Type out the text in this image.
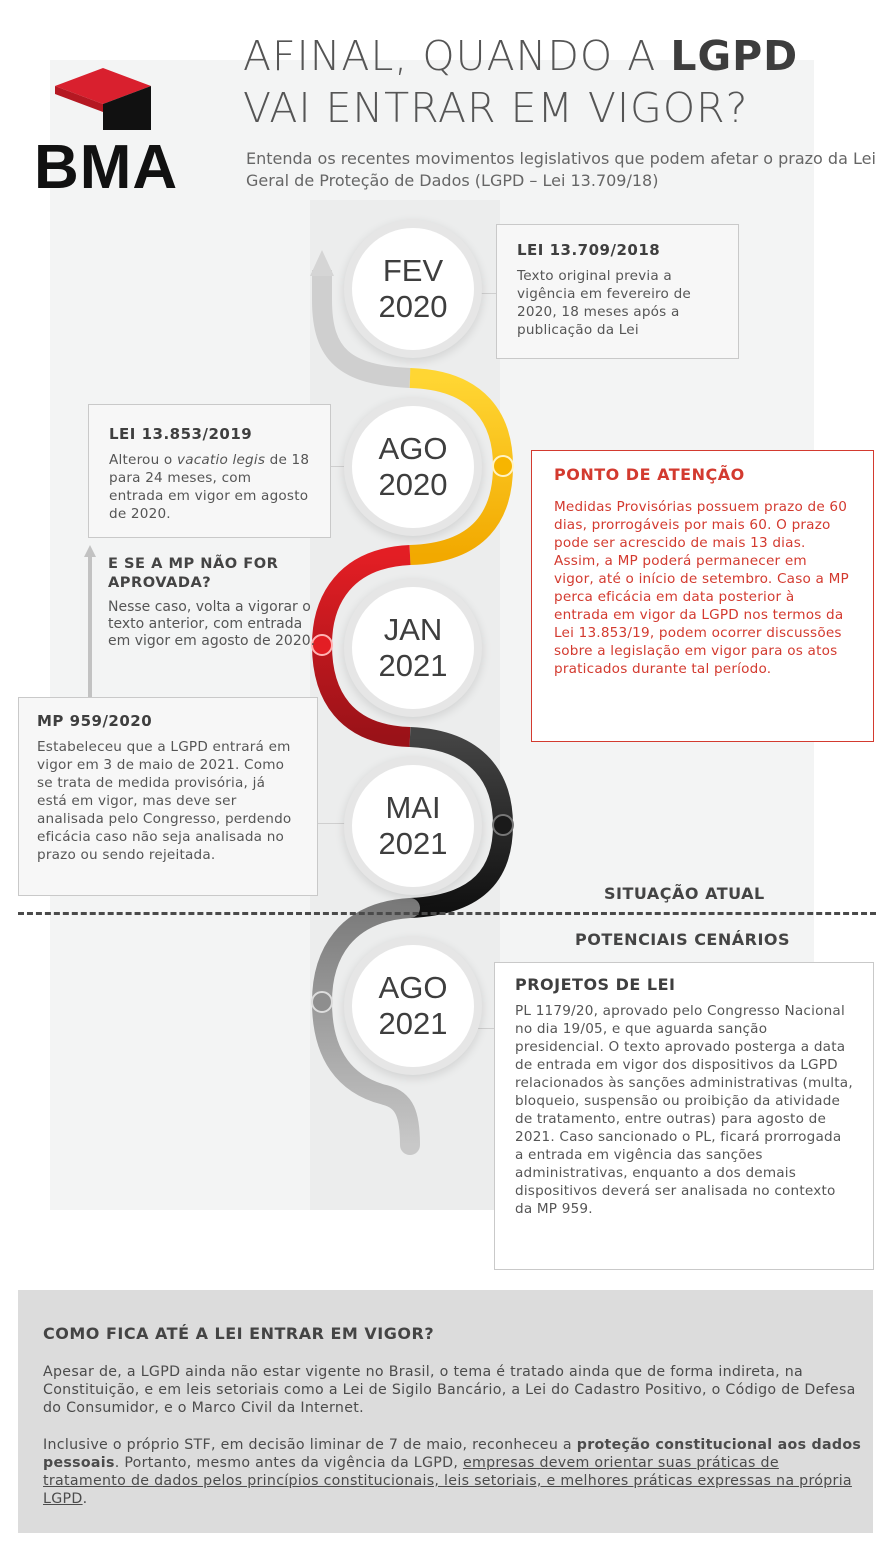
BMA
AFINAL, QUANDO A LGPD
VAI ENTRAR EM VIGOR?
Entenda os recentes movimentos legislativos que podem afetar o prazo da Lei Geral de Proteção de Dados (LGPD – Lei 13.709/18)
FEV
2020
AGO
2020
JAN
2021
MAI
2021
AGO
2021
LEI 13.709/2018
Texto original previa a vigência em fevereiro de 2020, 18 meses após a publicação da Lei
LEI 13.853/2019
Alterou o vacatio legis de 18 para 24 meses, com entrada em vigor em agosto de 2020.
PONTO DE ATENÇÃO
Medidas Provisórias possuem prazo de 60 dias, prorrogáveis por mais 60. O prazo pode ser acrescido de mais 13 dias. Assim, a MP poderá permanecer em vigor, até o início de setembro. Caso a MP perca eficácia em data posterior à entrada em vigor da LGPD nos termos da Lei 13.853/19, podem ocorrer discussões sobre a legislação em vigor para os atos praticados durante tal período.
E SE A MP NÃO FOR APROVADA?
Nesse caso, volta a vigorar o texto anterior, com entrada em vigor em agosto de 2020.
MP 959/2020
Estabeleceu que a LGPD entrará em vigor em 3 de maio de 2021. Como se trata de medida provisória, já está em vigor, mas deve ser analisada pelo Congresso, perdendo eficácia caso não seja analisada no prazo ou sendo rejeitada.
SITUAÇÃO ATUAL
POTENCIAIS CENÁRIOS
PROJETOS DE LEI
PL 1179/20, aprovado pelo Congresso Nacional no dia 19/05, e que aguarda sanção presidencial. O texto aprovado posterga a data de entrada em vigor dos dispositivos da LGPD relacionados às sanções administrativas (multa, bloqueio, suspensão ou proibição da atividade de tratamento, entre outras) para agosto de 2021. Caso sancionado o PL, ficará prorrogada a entrada em vigência das sanções administrativas, enquanto a dos demais dispositivos deverá ser analisada no contexto da MP 959.
COMO FICA ATÉ A LEI ENTRAR EM VIGOR?
Apesar de, a LGPD ainda não estar vigente no Brasil, o tema é tratado ainda que de forma indireta, na Constituição, e em leis setoriais como a Lei de Sigilo Bancário, a Lei do Cadastro Positivo, o Código de Defesa do Consumidor, e o Marco Civil da Internet.
Inclusive o próprio STF, em decisão liminar de 7 de maio, reconheceu a proteção constitucional aos dados pessoais. Portanto, mesmo antes da vigência da LGPD, empresas devem orientar suas práticas de tratamento de dados pelos princípios constitucionais, leis setoriais, e melhores práticas expressas na própria LGPD.
